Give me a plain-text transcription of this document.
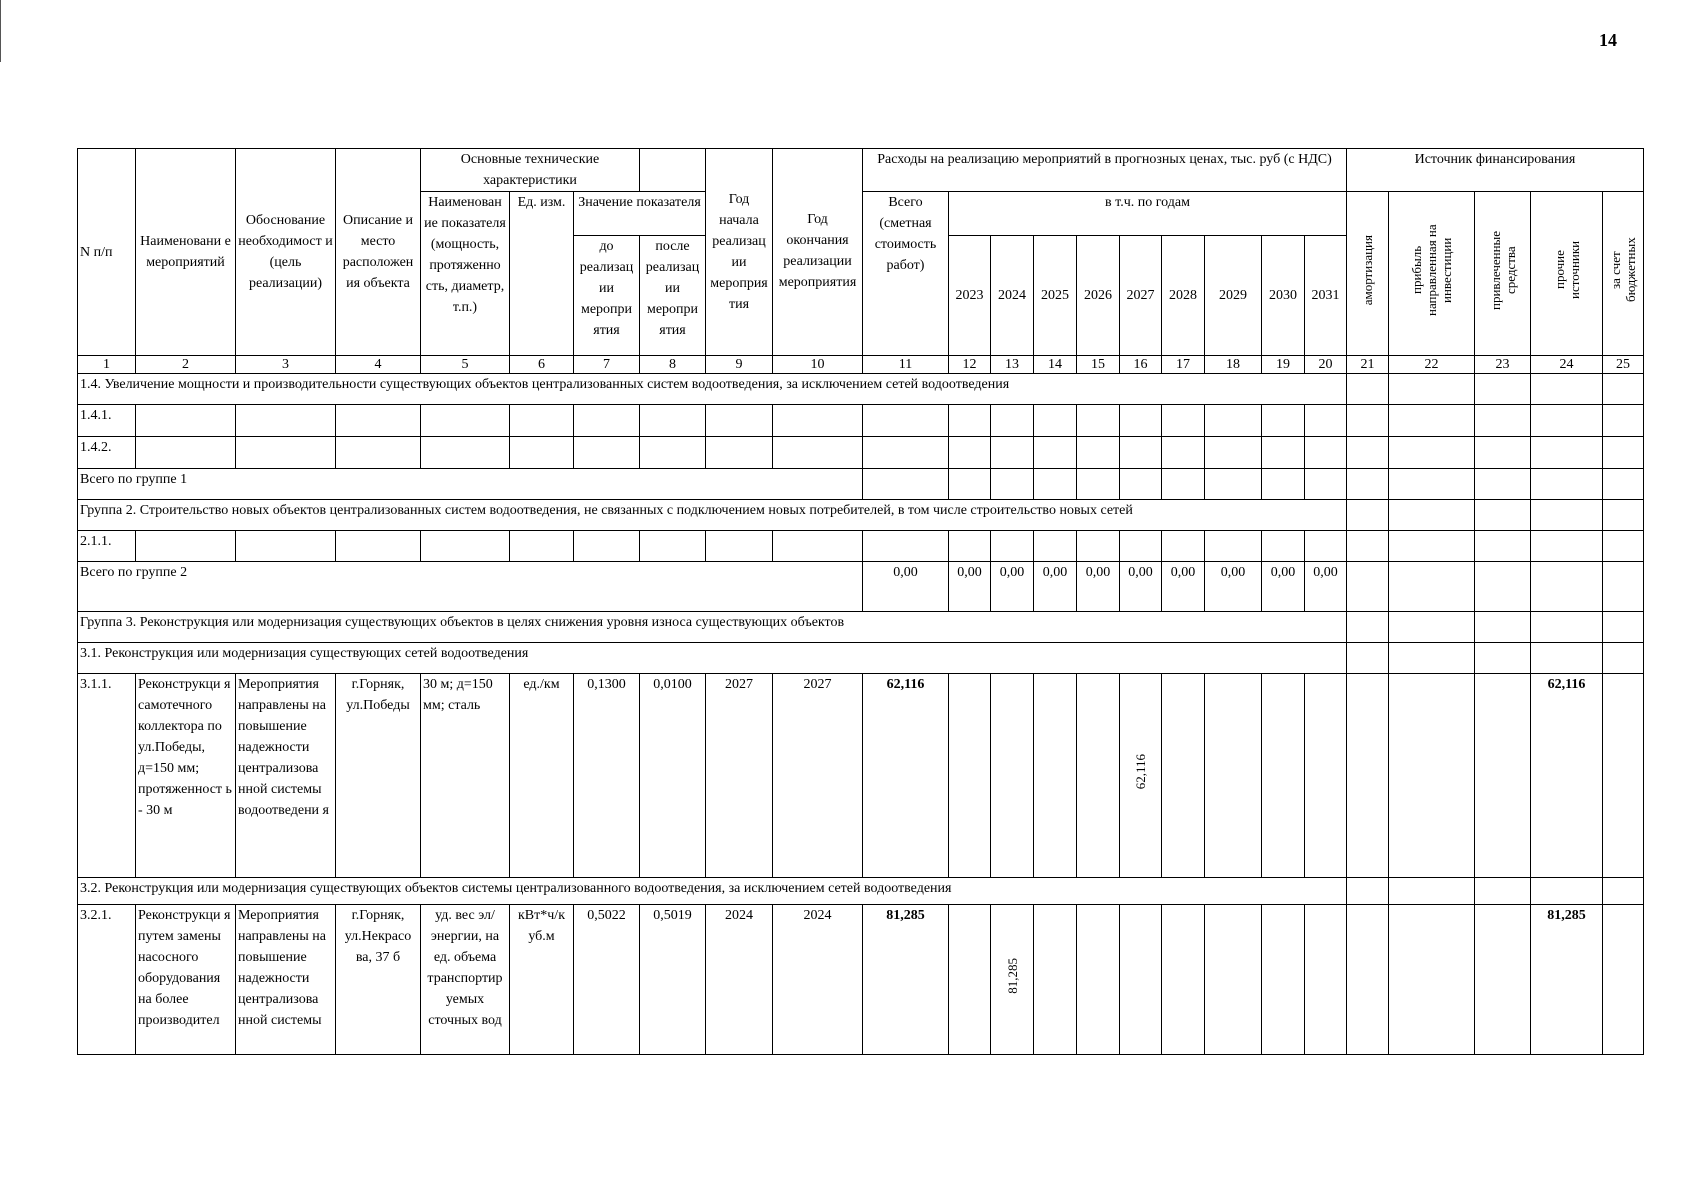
14
N п/п	Наименовани е мероприятий	Обоснование необходимост и (цель реализации)	Описание и место расположен ия объекта	Основные технические характеристики				Год начала реализац ии мероприя тия	Год окончания реализации мероприятия	Расходы на реализацию мероприятий в прогнозных ценах, тыс. руб (с НДС)										Источник финансирования				
				Наименован ие показателя (мощность, протяженно сть, диаметр, т.п.)	Ед. изм.	Значение показателя				Всего (сметная стоимость работ)	в т.ч. по годам									амортизация	прибыль направленная на инвестиции	привлеченные средства	прочие источники	за счет бюджетных
						до реализац ии меропри ятия	после реализац ии меропри ятия				2023	2024	2025	2026	2027	2028	2029	2030	2031					
1	2	3	4	5	6	7	8	9	10	11	12	13	14	15	16	17	18	19	20	21	22	23	24	25
1.4. Увеличение мощности и производительности существующих объектов централизованных систем водоотведения, за исключением сетей водоотведения																								
1.4.1.																								
1.4.2.																								
Всего по группе 1																								
Группа 2. Строительство новых объектов централизованных систем водоотведения, не связанных с подключением новых потребителей, в том числе строительство новых сетей																								
2.1.1.																								
Всего по группе 2										0,00	0,00	0,00	0,00	0,00	0,00	0,00	0,00	0,00	0,00					
Группа 3. Реконструкция или модернизация существующих объектов в целях снижения уровня износа существующих объектов																								
3.1. Реконструкция или модернизация существующих сетей водоотведения																								
3.1.1.	Реконструкци я самотечного коллектора по ул.Победы, д=150 мм; протяженност ь - 30 м	Мероприятия направлены на повышение надежности централизова нной системы водоотведени я	г.Горняк, ул.Победы	30 м; д=150 мм; сталь	ед./км	0,1300	0,0100	2027	2027	62,116					62,116								62,116	
3.2. Реконструкция или модернизация существующих объектов системы централизованного водоотведения, за исключением сетей водоотведения																								
3.2.1.	Реконструкци я путем замены насосного оборудования на более производител	Мероприятия направлены на повышение надежности централизова нной системы	г.Горняк, ул.Некрасо ва, 37 б	уд. вес эл/энергии, на ед. объема транспортир уемых сточных вод	кВт*ч/к уб.м	0,5022	0,5019	2024	2024	81,285		81,285											81,285	
